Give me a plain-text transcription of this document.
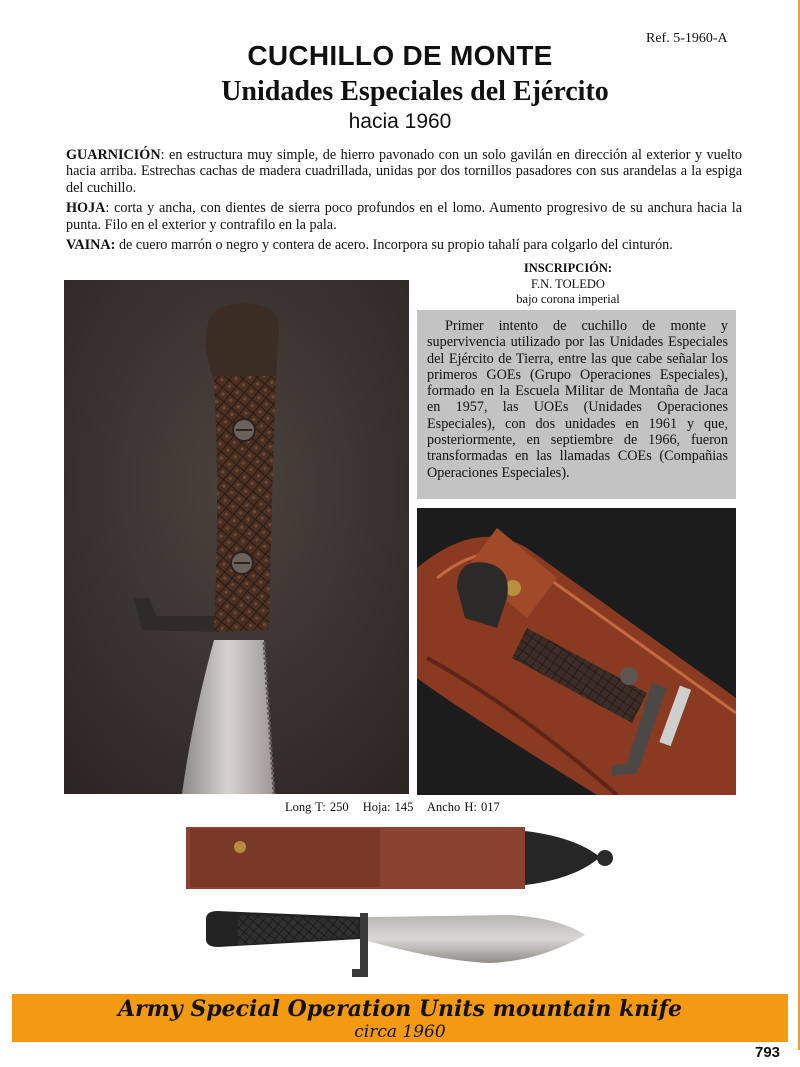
Ref. 5-1960-A
CUCHILLO DE MONTE
Unidades Especiales del Ejército
hacia 1960

GUARNICIÓN: en estructura muy simple, de hierro pavonado con un solo gavilán en dirección al exterior y vuelto hacia arriba. Estrechas cachas de madera cuadrillada, unidas por dos tornillos pasadores con sus arandelas a la espiga del cuchillo.

HOJA: corta y ancha, con dientes de sierra poco profundos en el lomo. Aumento progresivo de su anchura hacia la punta. Filo en el exterior y contrafilo en la pala.

VAINA: de cuero marrón o negro y contera de acero. Incorpora su propio tahalí para colgarlo del cinturón.

INSCRIPCIÓN:
F.N. TOLEDO
bajo corona imperial

Primer intento de cuchillo de monte y supervivencia utilizado por las Unidades Especiales del Ejército de Tierra, entre las que cabe señalar los primeros GOEs (Grupo Operaciones Especiales), formado en la Escuela Militar de Montaña de Jaca en 1957, las UOEs (Unidades Operaciones Especiales), con dos unidades en 1961 y que, posteriormente, en septiembre de 1966, fueron transformadas en las llamadas COEs (Compañias Operaciones Especiales).

Long T: 250 Hoja: 145 Ancho H: 017
Army Special Operation Units mountain knife
circa 1960
793
